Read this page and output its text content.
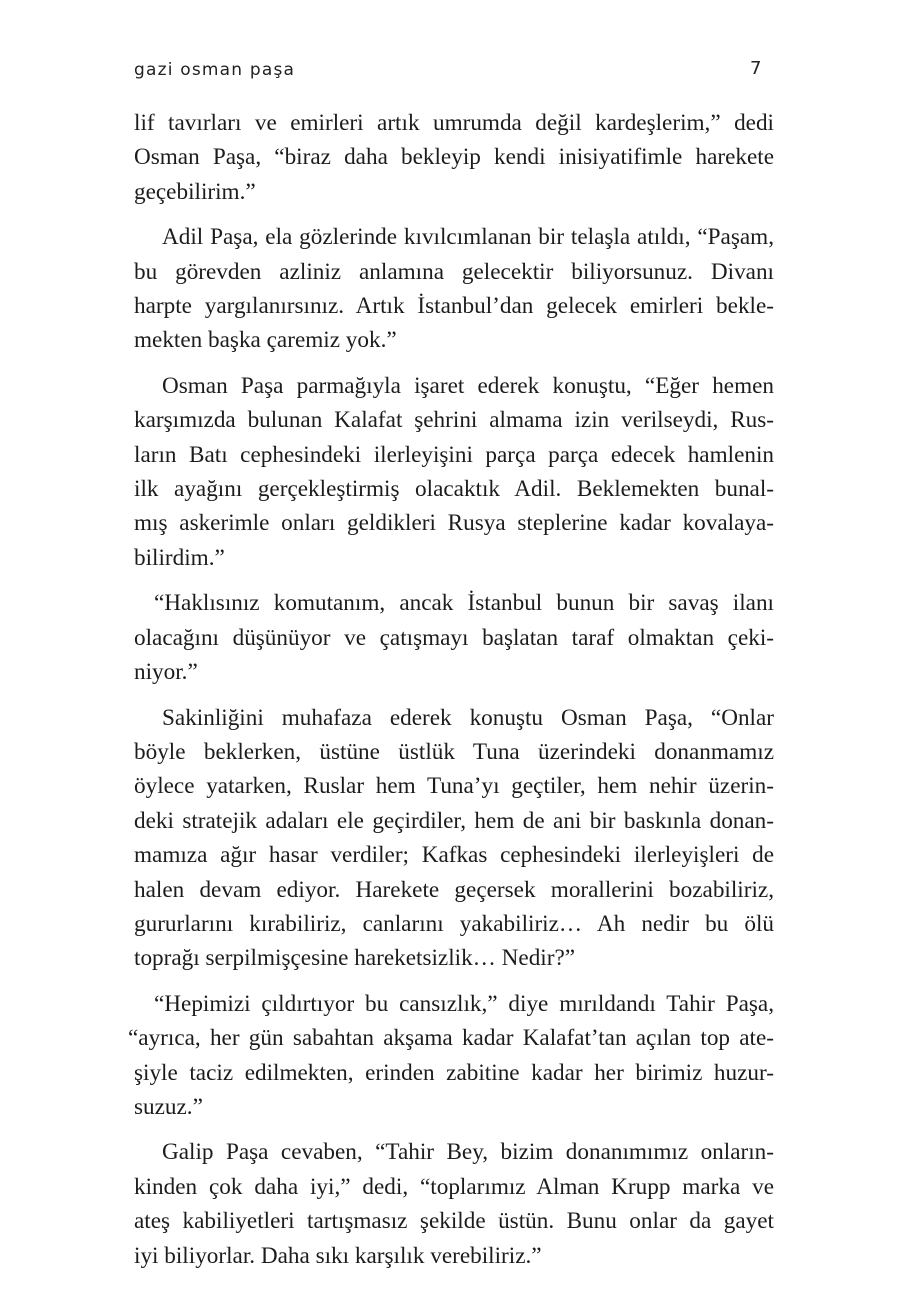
gazi osman paşa	7

lif tavırları ve emirleri artık umrumda değil kardeşlerim,” dedi
Osman Paşa, “biraz daha bekleyip kendi inisiyatifimle harekete
geçebilirim.”

Adil Paşa, ela gözlerinde kıvılcımlanan bir telaşla atıldı, “Paşam,
bu görevden azliniz anlamına gelecektir biliyorsunuz. Divanı
harpte yargılanırsınız. Artık İstanbul’dan gelecek emirleri bekle-
mekten başka çaremiz yok.”

Osman Paşa parmağıyla işaret ederek konuştu, “Eğer hemen
karşımızda bulunan Kalafat şehrini almama izin verilseydi, Rus-
ların Batı cephesindeki ilerleyişini parça parça edecek hamlenin
ilk ayağını gerçekleştirmiş olacaktık Adil. Beklemekten bunal-
mış askerimle onları geldikleri Rusya steplerine kadar kovalaya-
bilirdim.”

“Haklısınız komutanım, ancak İstanbul bunun bir savaş ilanı
olacağını düşünüyor ve çatışmayı başlatan taraf olmaktan çeki-
niyor.”

Sakinliğini muhafaza ederek konuştu Osman Paşa, “Onlar
böyle beklerken, üstüne üstlük Tuna üzerindeki donanmamız
öylece yatarken, Ruslar hem Tuna’yı geçtiler, hem nehir üzerin-
deki stratejik adaları ele geçirdiler, hem de ani bir baskınla donan-
mamıza ağır hasar verdiler; Kafkas cephesindeki ilerleyişleri de
halen devam ediyor. Harekete geçersek morallerini bozabiliriz,
gururlarını kırabiliriz, canlarını yakabiliriz… Ah nedir bu ölü
toprağı serpilmişçesine hareketsizlik… Nedir?”

“Hepimizi çıldırtıyor bu cansızlık,” diye mırıldandı Tahir Paşa,
“ayrıca, her gün sabahtan akşama kadar Kalafat’tan açılan top ate-
şiyle taciz edilmekten, erinden zabitine kadar her birimiz huzur-
suzuz.”

Galip Paşa cevaben, “Tahir Bey, bizim donanımımız onların-
kinden çok daha iyi,” dedi, “toplarımız Alman Krupp marka ve
ateş kabiliyetleri tartışmasız şekilde üstün. Bunu onlar da gayet
iyi biliyorlar. Daha sıkı karşılık verebiliriz.”
